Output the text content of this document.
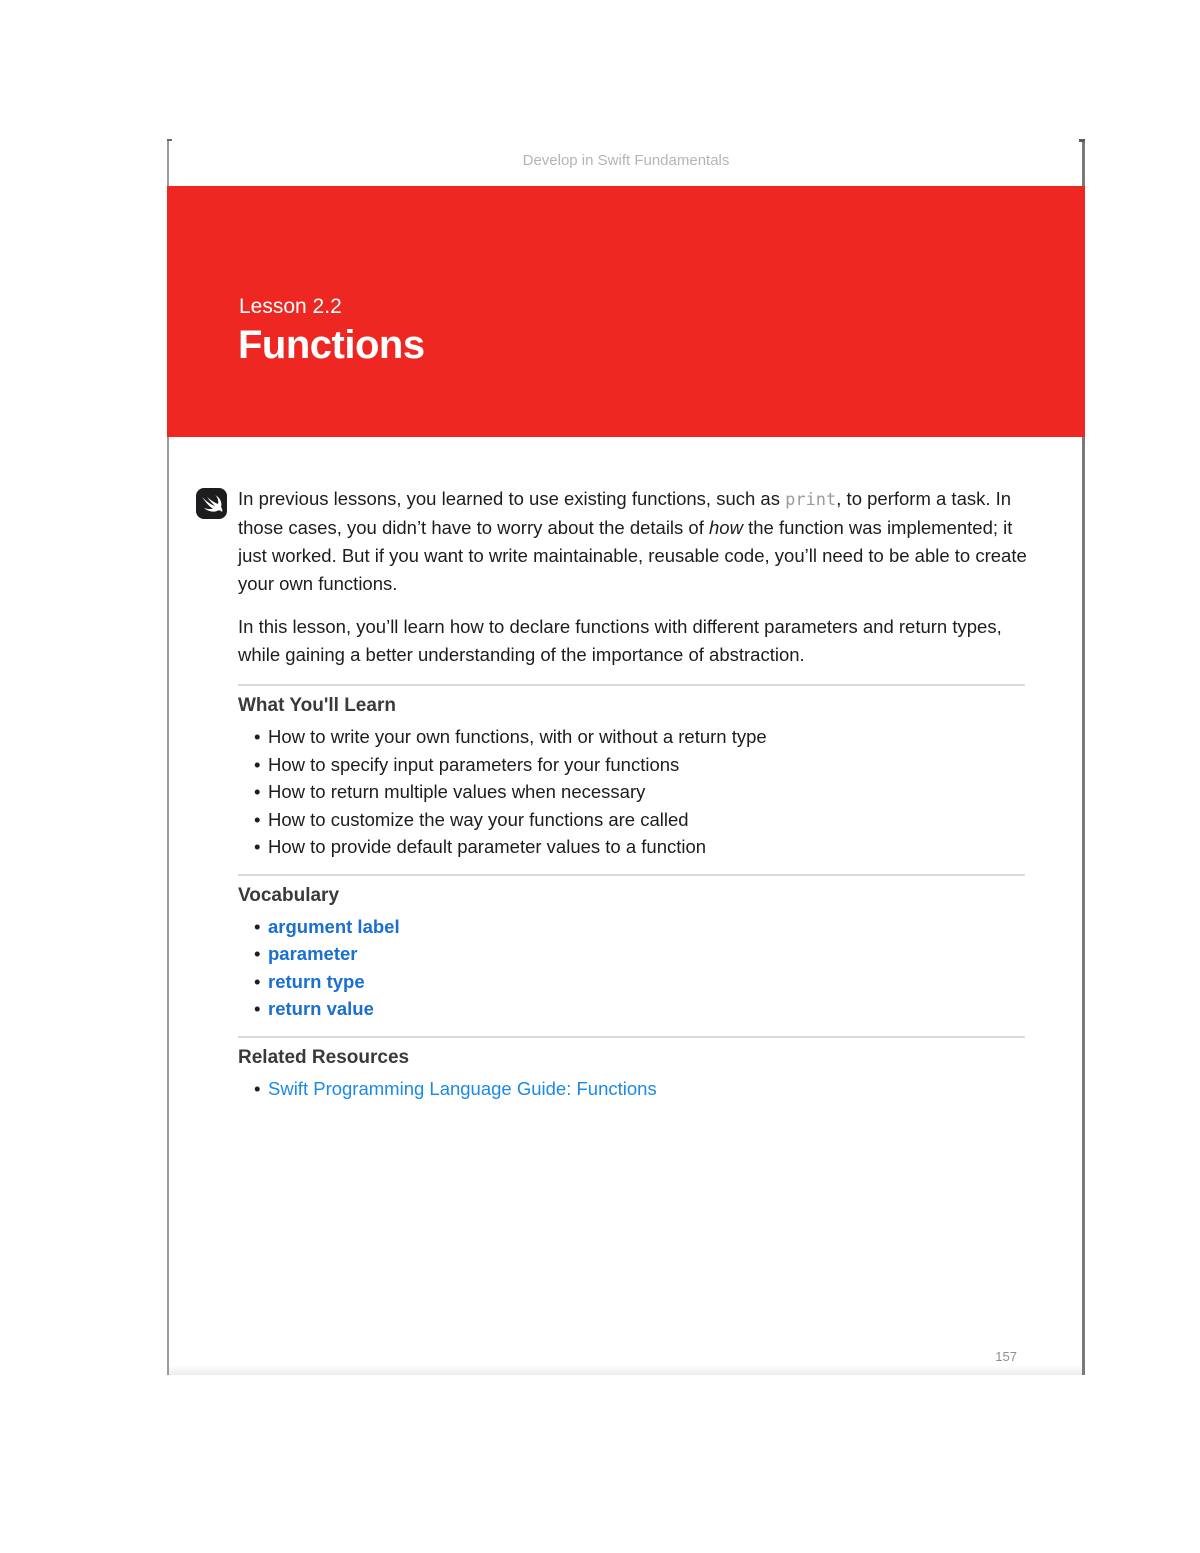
Develop in Swift Fundamentals
Lesson 2.2
Functions

In previous lessons, you learned to use existing functions, such as print, to perform a task. In those cases, you didn’t have to worry about the details of how the function was implemented; it just worked. But if you want to write maintainable, reusable code, you’ll need to be able to create your own functions.

In this lesson, you’ll learn how to declare functions with different parameters and return types, while gaining a better understanding of the importance of abstraction.

What You'll Learn
• How to write your own functions, with or without a return type
• How to specify input parameters for your functions
• How to return multiple values when necessary
• How to customize the way your functions are called
• How to provide default parameter values to a function
Vocabulary
• argument label
• parameter
• return type
• return value
Related Resources
• Swift Programming Language Guide: Functions
157
